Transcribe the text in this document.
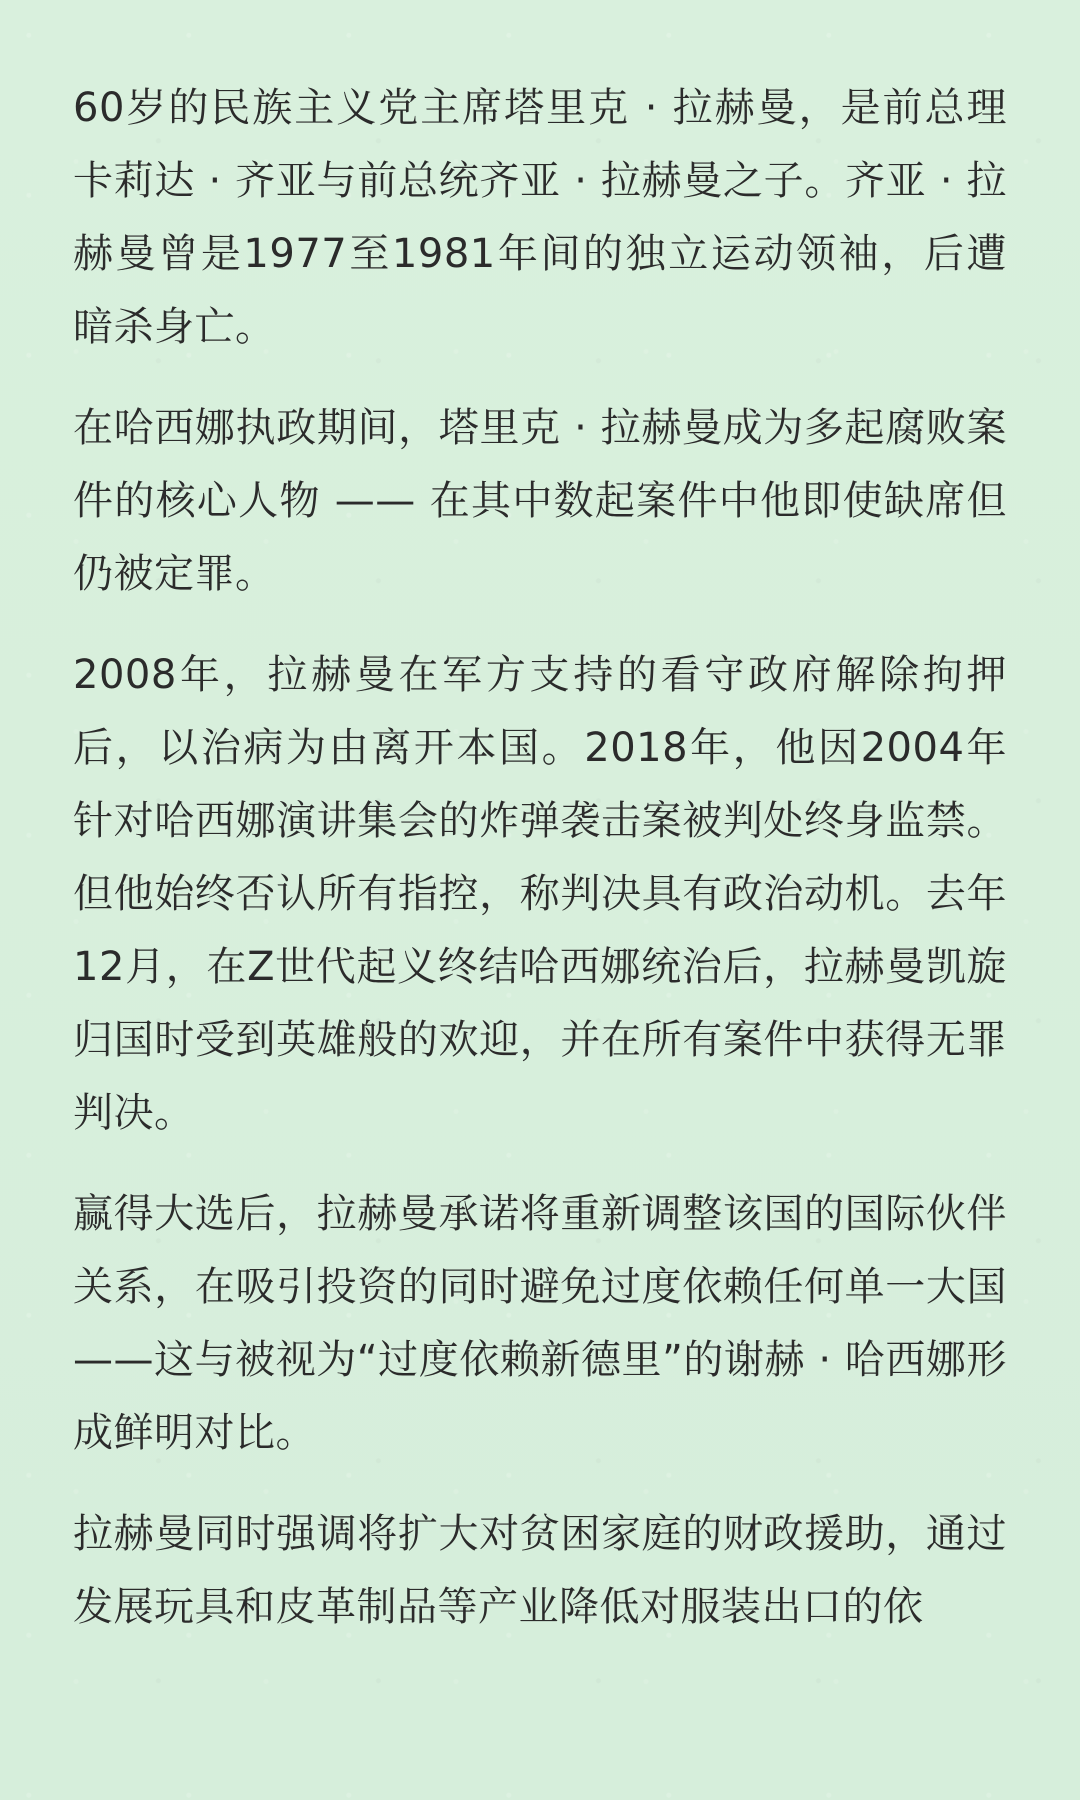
60岁的民族主义党主席塔里克 · 拉赫曼，是前总理卡莉达 · 齐亚与前总统齐亚 · 拉赫曼之子。齐亚 · 拉赫曼曾是1977至1981年间的独立运动领袖，后遭暗杀身亡。

在哈西娜执政期间，塔里克 · 拉赫曼成为多起腐败案件的核心人物 —— 在其中数起案件中他即使缺席但仍被定罪。

2008年，拉赫曼在军方支持的看守政府解除拘押后，以治病为由离开本国。2018年，他因2004年针对哈西娜演讲集会的炸弹袭击案被判处终身监禁。但他始终否认所有指控，称判决具有政治动机。去年12月，在Z世代起义终结哈西娜统治后，拉赫曼凯旋归国时受到英雄般的欢迎，并在所有案件中获得无罪判决。

赢得大选后，拉赫曼承诺将重新调整该国的国际伙伴关系，在吸引投资的同时避免过度依赖任何单一大国——这与被视为“过度依赖新德里”的谢赫 · 哈西娜形成鲜明对比。

拉赫曼同时强调将扩大对贫困家庭的财政援助，通过发展玩具和皮革制品等产业降低对服装出口的依
